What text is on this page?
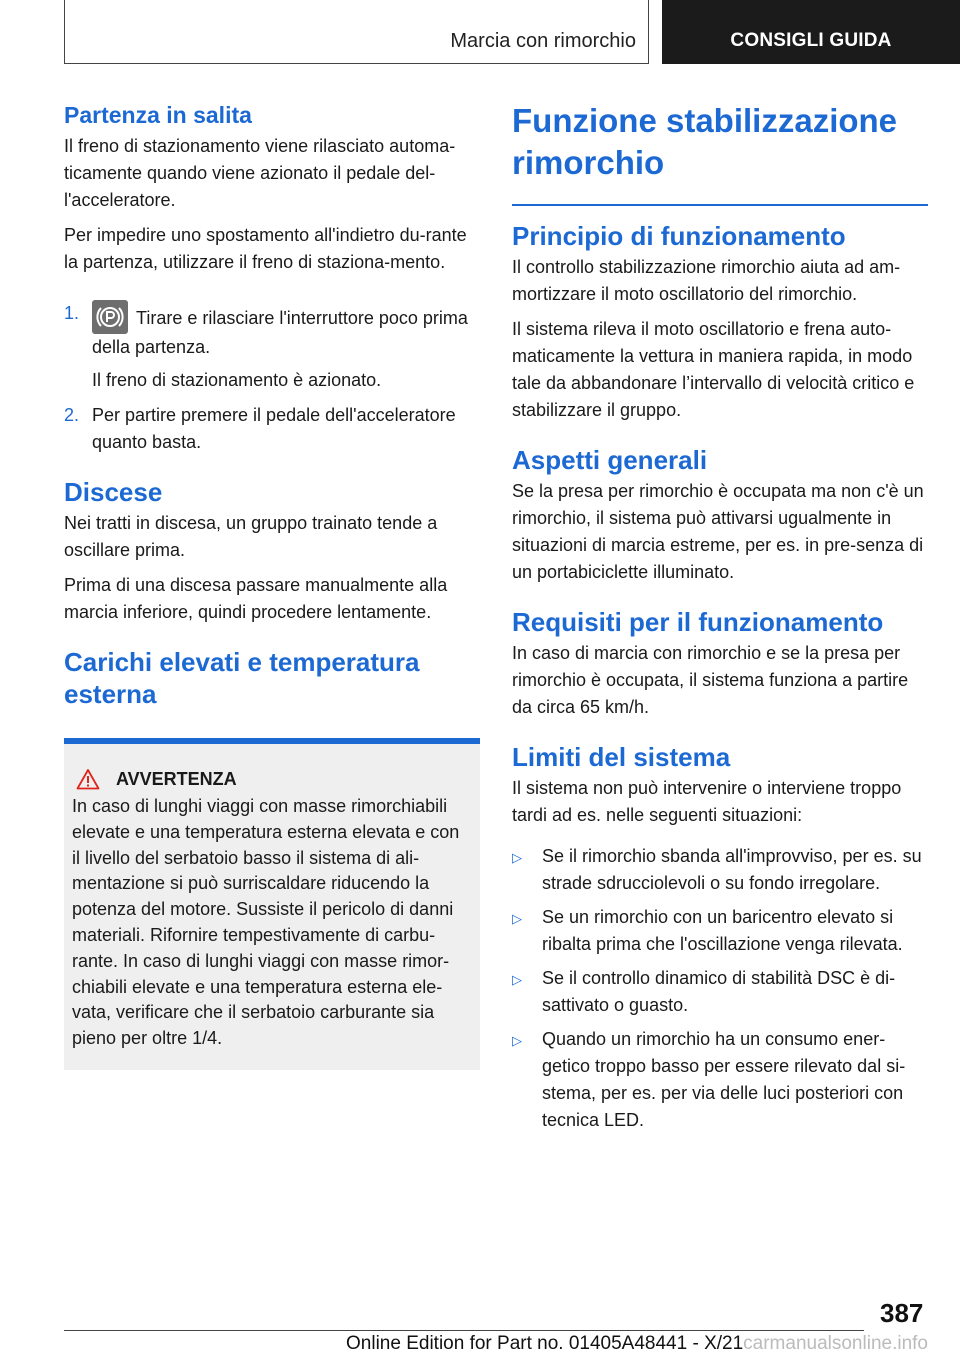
Marcia con rimorchio	CONSIGLI GUIDA
Partenza in salita
Il freno di stazionamento viene rilasciato automa-ticamente quando viene azionato il pedale del-l'acceleratore.
Per impedire uno spostamento all'indietro du-rante la partenza, utilizzare il freno di staziona-mento.
1.	Tirare e rilasciare l'interruttore poco prima della partenza.
Il freno di stazionamento è azionato.
2. Per partire premere il pedale dell'acceleratore quanto basta.
Discese
Nei tratti in discesa, un gruppo trainato tende a oscillare prima.
Prima di una discesa passare manualmente alla marcia inferiore, quindi procedere lentamente.
Carichi elevati e temperatura esterna
AVVERTENZA
In caso di lunghi viaggi con masse rimorchiabili elevate e una temperatura esterna elevata e con il livello del serbatoio basso il sistema di ali-mentazione si può surriscaldare riducendo la potenza del motore. Sussiste il pericolo di danni materiali. Rifornire tempestivamente di carbu-rante. In caso di lunghi viaggi con masse rimor-chiabili elevate e una temperatura esterna ele-vata, verificare che il serbatoio carburante sia pieno per oltre 1/4.
Funzione stabilizzazione rimorchio
Principio di funzionamento
Il controllo stabilizzazione rimorchio aiuta ad am-mortizzare il moto oscillatorio del rimorchio.
Il sistema rileva il moto oscillatorio e frena auto-maticamente la vettura in maniera rapida, in modo tale da abbandonare l’intervallo di velocità critico e stabilizzare il gruppo.
Aspetti generali
Se la presa per rimorchio è occupata ma non c'è un rimorchio, il sistema può attivarsi ugualmente in situazioni di marcia estreme, per es. in pre-senza di un portabiciclette illuminato.
Requisiti per il funzionamento
In caso di marcia con rimorchio e se la presa per rimorchio è occupata, il sistema funziona a partire da circa 65 km/h.
Limiti del sistema
Il sistema non può intervenire o interviene troppo tardi ad es. nelle seguenti situazioni:
▷	Se il rimorchio sbanda all'improvviso, per es. su strade sdrucciolevoli o su fondo irregolare.
▷	Se un rimorchio con un baricentro elevato si ribalta prima che l'oscillazione venga rilevata.
▷	Se il controllo dinamico di stabilità DSC è di-sattivato o guasto.
▷	Quando un rimorchio ha un consumo ener-getico troppo basso per essere rilevato dal si-stema, per es. per via delle luci posteriori con tecnica LED.
387
Online Edition for Part no. 01405A48441 - X/21carmanualsonline.info
